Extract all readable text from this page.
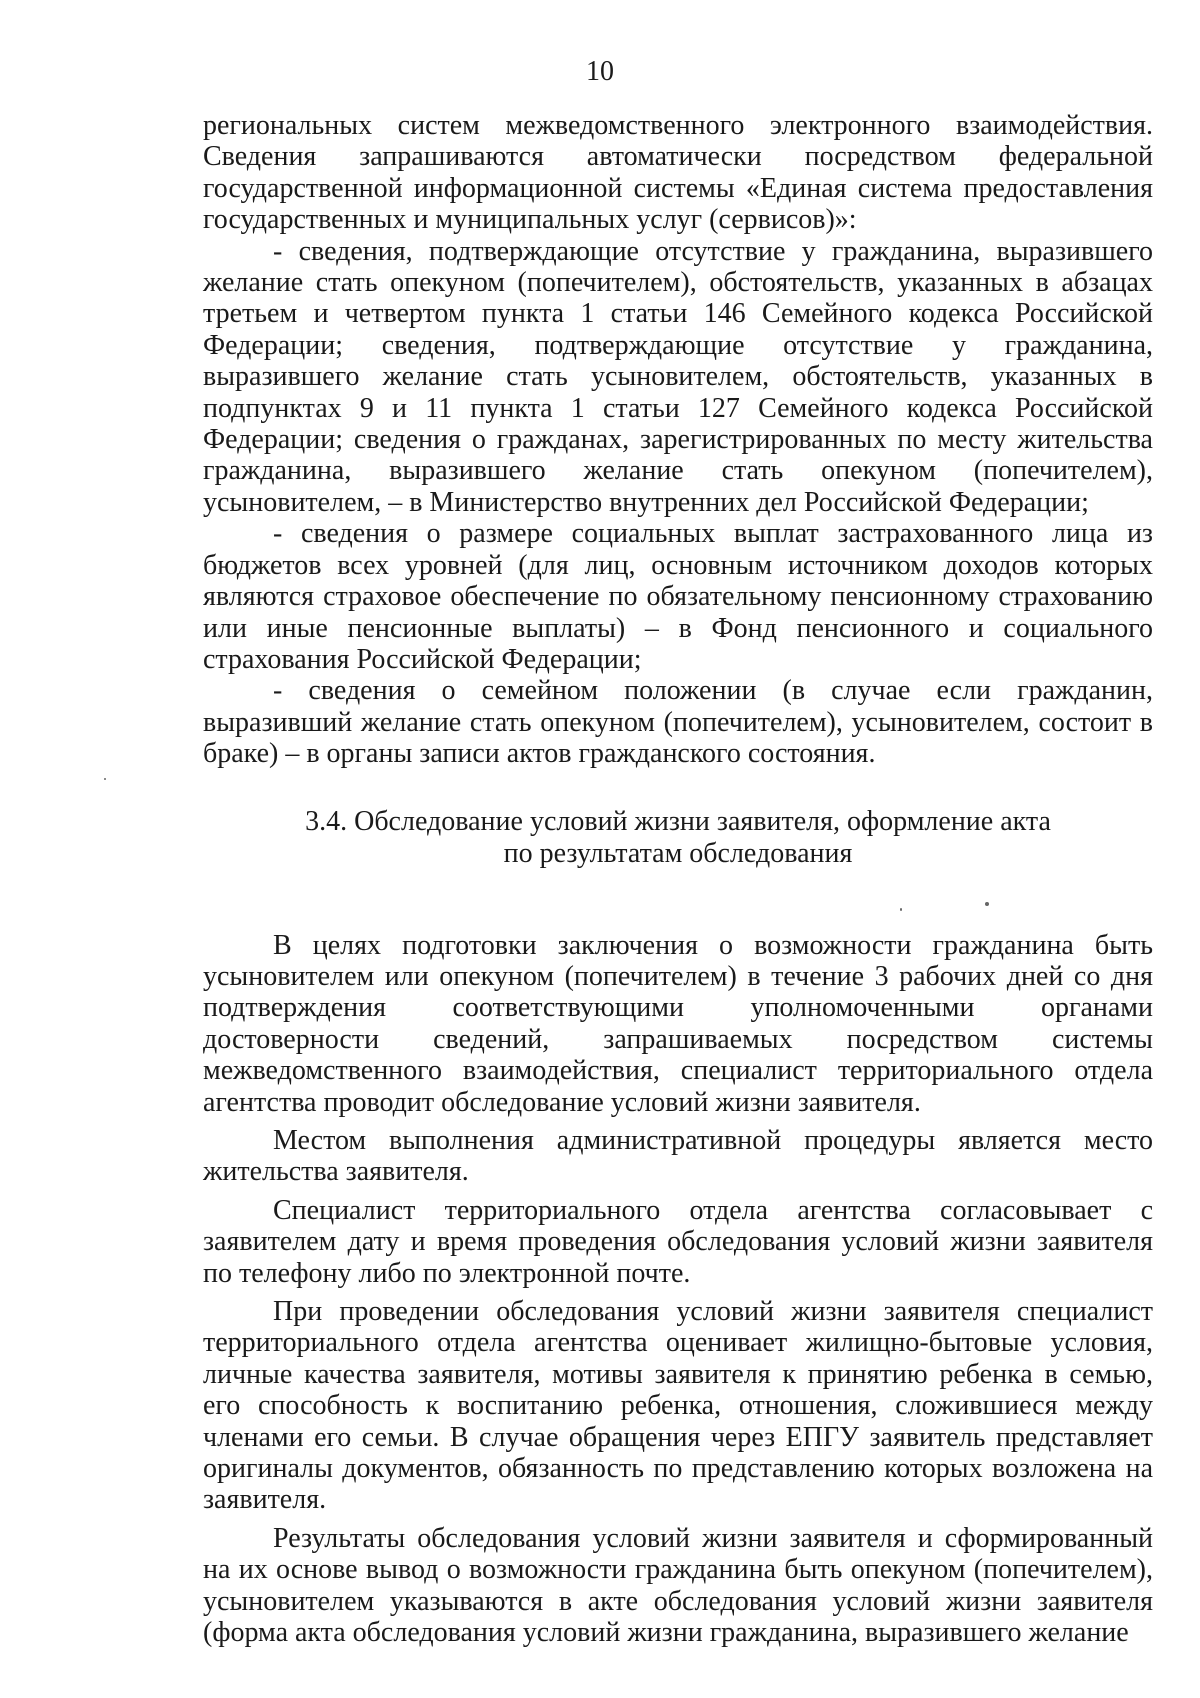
10

региональных систем межведомственного электронного взаимодействия. Сведения запрашиваются автоматически посредством федеральной государственной информационной системы «Единая система предоставления государственных и муниципальных услуг (сервисов)»:

- сведения, подтверждающие отсутствие у гражданина, выразившего желание стать опекуном (попечителем), обстоятельств, указанных в абзацах третьем и четвертом пункта 1 статьи 146 Семейного кодекса Российской Федерации; сведения, подтверждающие отсутствие у гражданина, выразившего желание стать усыновителем, обстоятельств, указанных в подпунктах 9 и 11 пункта 1 статьи 127 Семейного кодекса Российской Федерации; сведения о гражданах, зарегистрированных по месту жительства гражданина, выразившего желание стать опекуном (попечителем), усыновителем, – в Министерство внутренних дел Российской Федерации;

- сведения о размере социальных выплат застрахованного лица из бюджетов всех уровней (для лиц, основным источником доходов которых являются страховое обеспечение по обязательному пенсионному страхованию или иные пенсионные выплаты) – в Фонд пенсионного и социального страхования Российской Федерации;

- сведения о семейном положении (в случае если гражданин, выразивший желание стать опекуном (попечителем), усыновителем, состоит в браке) – в органы записи актов гражданского состояния.

3.4. Обследование условий жизни заявителя, оформление акта
по результатам обследования

В целях подготовки заключения о возможности гражданина быть усыновителем или опекуном (попечителем) в течение 3 рабочих дней со дня подтверждения соответствующими уполномоченными органами достоверности сведений, запрашиваемых посредством системы межведомственного взаимодействия, специалист территориального отдела агентства проводит обследование условий жизни заявителя.

Местом выполнения административной процедуры является место жительства заявителя.

Специалист территориального отдела агентства согласовывает с заявителем дату и время проведения обследования условий жизни заявителя по телефону либо по электронной почте.

При проведении обследования условий жизни заявителя специалист территориального отдела агентства оценивает жилищно-бытовые условия, личные качества заявителя, мотивы заявителя к принятию ребенка в семью, его способность к воспитанию ребенка, отношения, сложившиеся между членами его семьи. В случае обращения через ЕПГУ заявитель представляет оригиналы документов, обязанность по представлению которых возложена на заявителя.

Результаты обследования условий жизни заявителя и сформированный на их основе вывод о возможности гражданина быть опекуном (попечителем), усыновителем указываются в акте обследования условий жизни заявителя (форма акта обследования условий жизни гражданина, выразившего желание
